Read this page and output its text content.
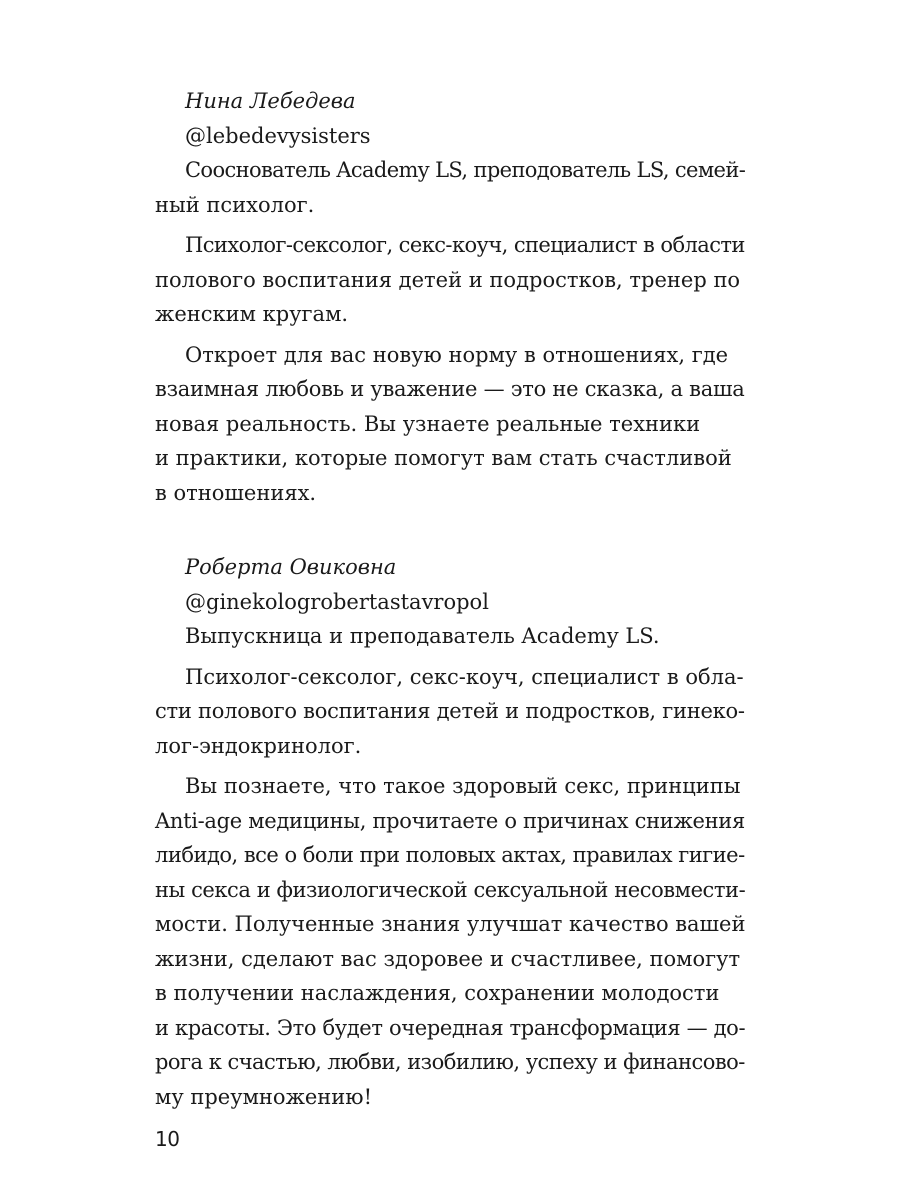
Нина Лебедева
@lebedevysisters
Сооснователь Academy LS, преподователь LS, семей-
ный психолог.
Психолог-сексолог, секс-коуч, специалист в области
полового воспитания детей и подростков, тренер по
женским кругам.
Откроет для вас новую норму в отношениях, где
взаимная любовь и уважение — это не сказка, а ваша
новая реальность. Вы узнаете реальные техники
и практики, которые помогут вам стать счастливой
в отношениях.
Роберта Овиковна
@ginekologrobertastavropol
Выпускница и преподаватель Academy LS.
Психолог-сексолог, секс-коуч, специалист в обла-
сти полового воспитания детей и подростков, гинеко-
лог-эндокринолог.
Вы познаете, что такое здоровый секс, принципы
Anti-age медицины, прочитаете о причинах снижения
либидо, все о боли при половых актах, правилах гигие-
ны секса и физиологической сексуальной несовмести-
мости. Полученные знания улучшат качество вашей
жизни, сделают вас здоровее и счастливее, помогут
в получении наслаждения, сохранении молодости
и красоты. Это будет очередная трансформация — до-
рога к счастью, любви, изобилию, успеху и финансово-
му преумножению!
10
